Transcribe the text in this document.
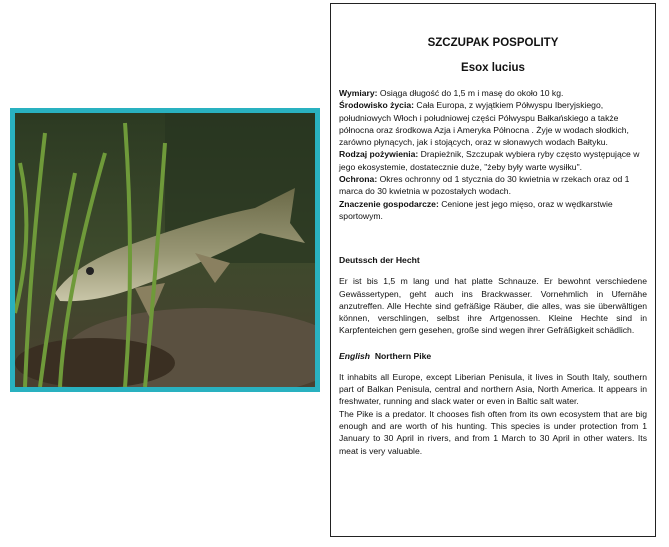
SZCZUPAK POSPOLITY
Esox lucius
Wymiary: Osiąga długość do 1,5 m i masę do około 10 kg.
Środowisko życia: Cała Europa, z wyjątkiem Półwyspu Iberyjskiego, południowych Włoch i południowej części Półwyspu Bałkańskiego a także północna oraz środkowa Azja i Ameryka Północna . Żyje w wodach słodkich, zarówno płynących, jak i stojących, oraz w słonawych wodach Bałtyku.
Rodzaj pożywienia: Drapieżnik, Szczupak wybiera ryby często występujące w jego ekosystemie, dostatecznie duże, "żeby były warte wysiłku".
Ochrona: Okres ochronny od 1 stycznia do 30 kwietnia w rzekach oraz od 1 marca do 30 kwietnia w pozostałych wodach.
Znaczenie gospodarcze: Cenione jest jego mięso, oraz w wędkarstwie sportowym.
Deutssch der Hecht
Er ist bis 1,5 m lang und hat platte Schnauze. Er bewohnt verschiedene Gewässertypen, geht auch ins Brackwasser. Vornehmlich in Ufernähe anzutreffen. Alle Hechte sind gefräßige Räuber, die alles, was sie überwältigen können, verschlingen, selbst ihre Artgenossen. Kleine Hechte sind in Karpfenteichen gern gesehen, große sind wegen ihrer Gefräßigkeit schädlich.
English Northern Pike
It inhabits all Europe, except Liberian Penisula, it lives in South Italy, southern part of Balkan Penisula, central and northern Asia, North America. It appears in freshwater, running and slack water or even in Baltic salt water.
The Pike is a predator. It chooses fish often from its own ecosystem that are big enough and are worth of his hunting. This species is under protection from 1 January to 30 April in rivers, and from 1 March to 30 April in other waters. Its meat is very valuable.
